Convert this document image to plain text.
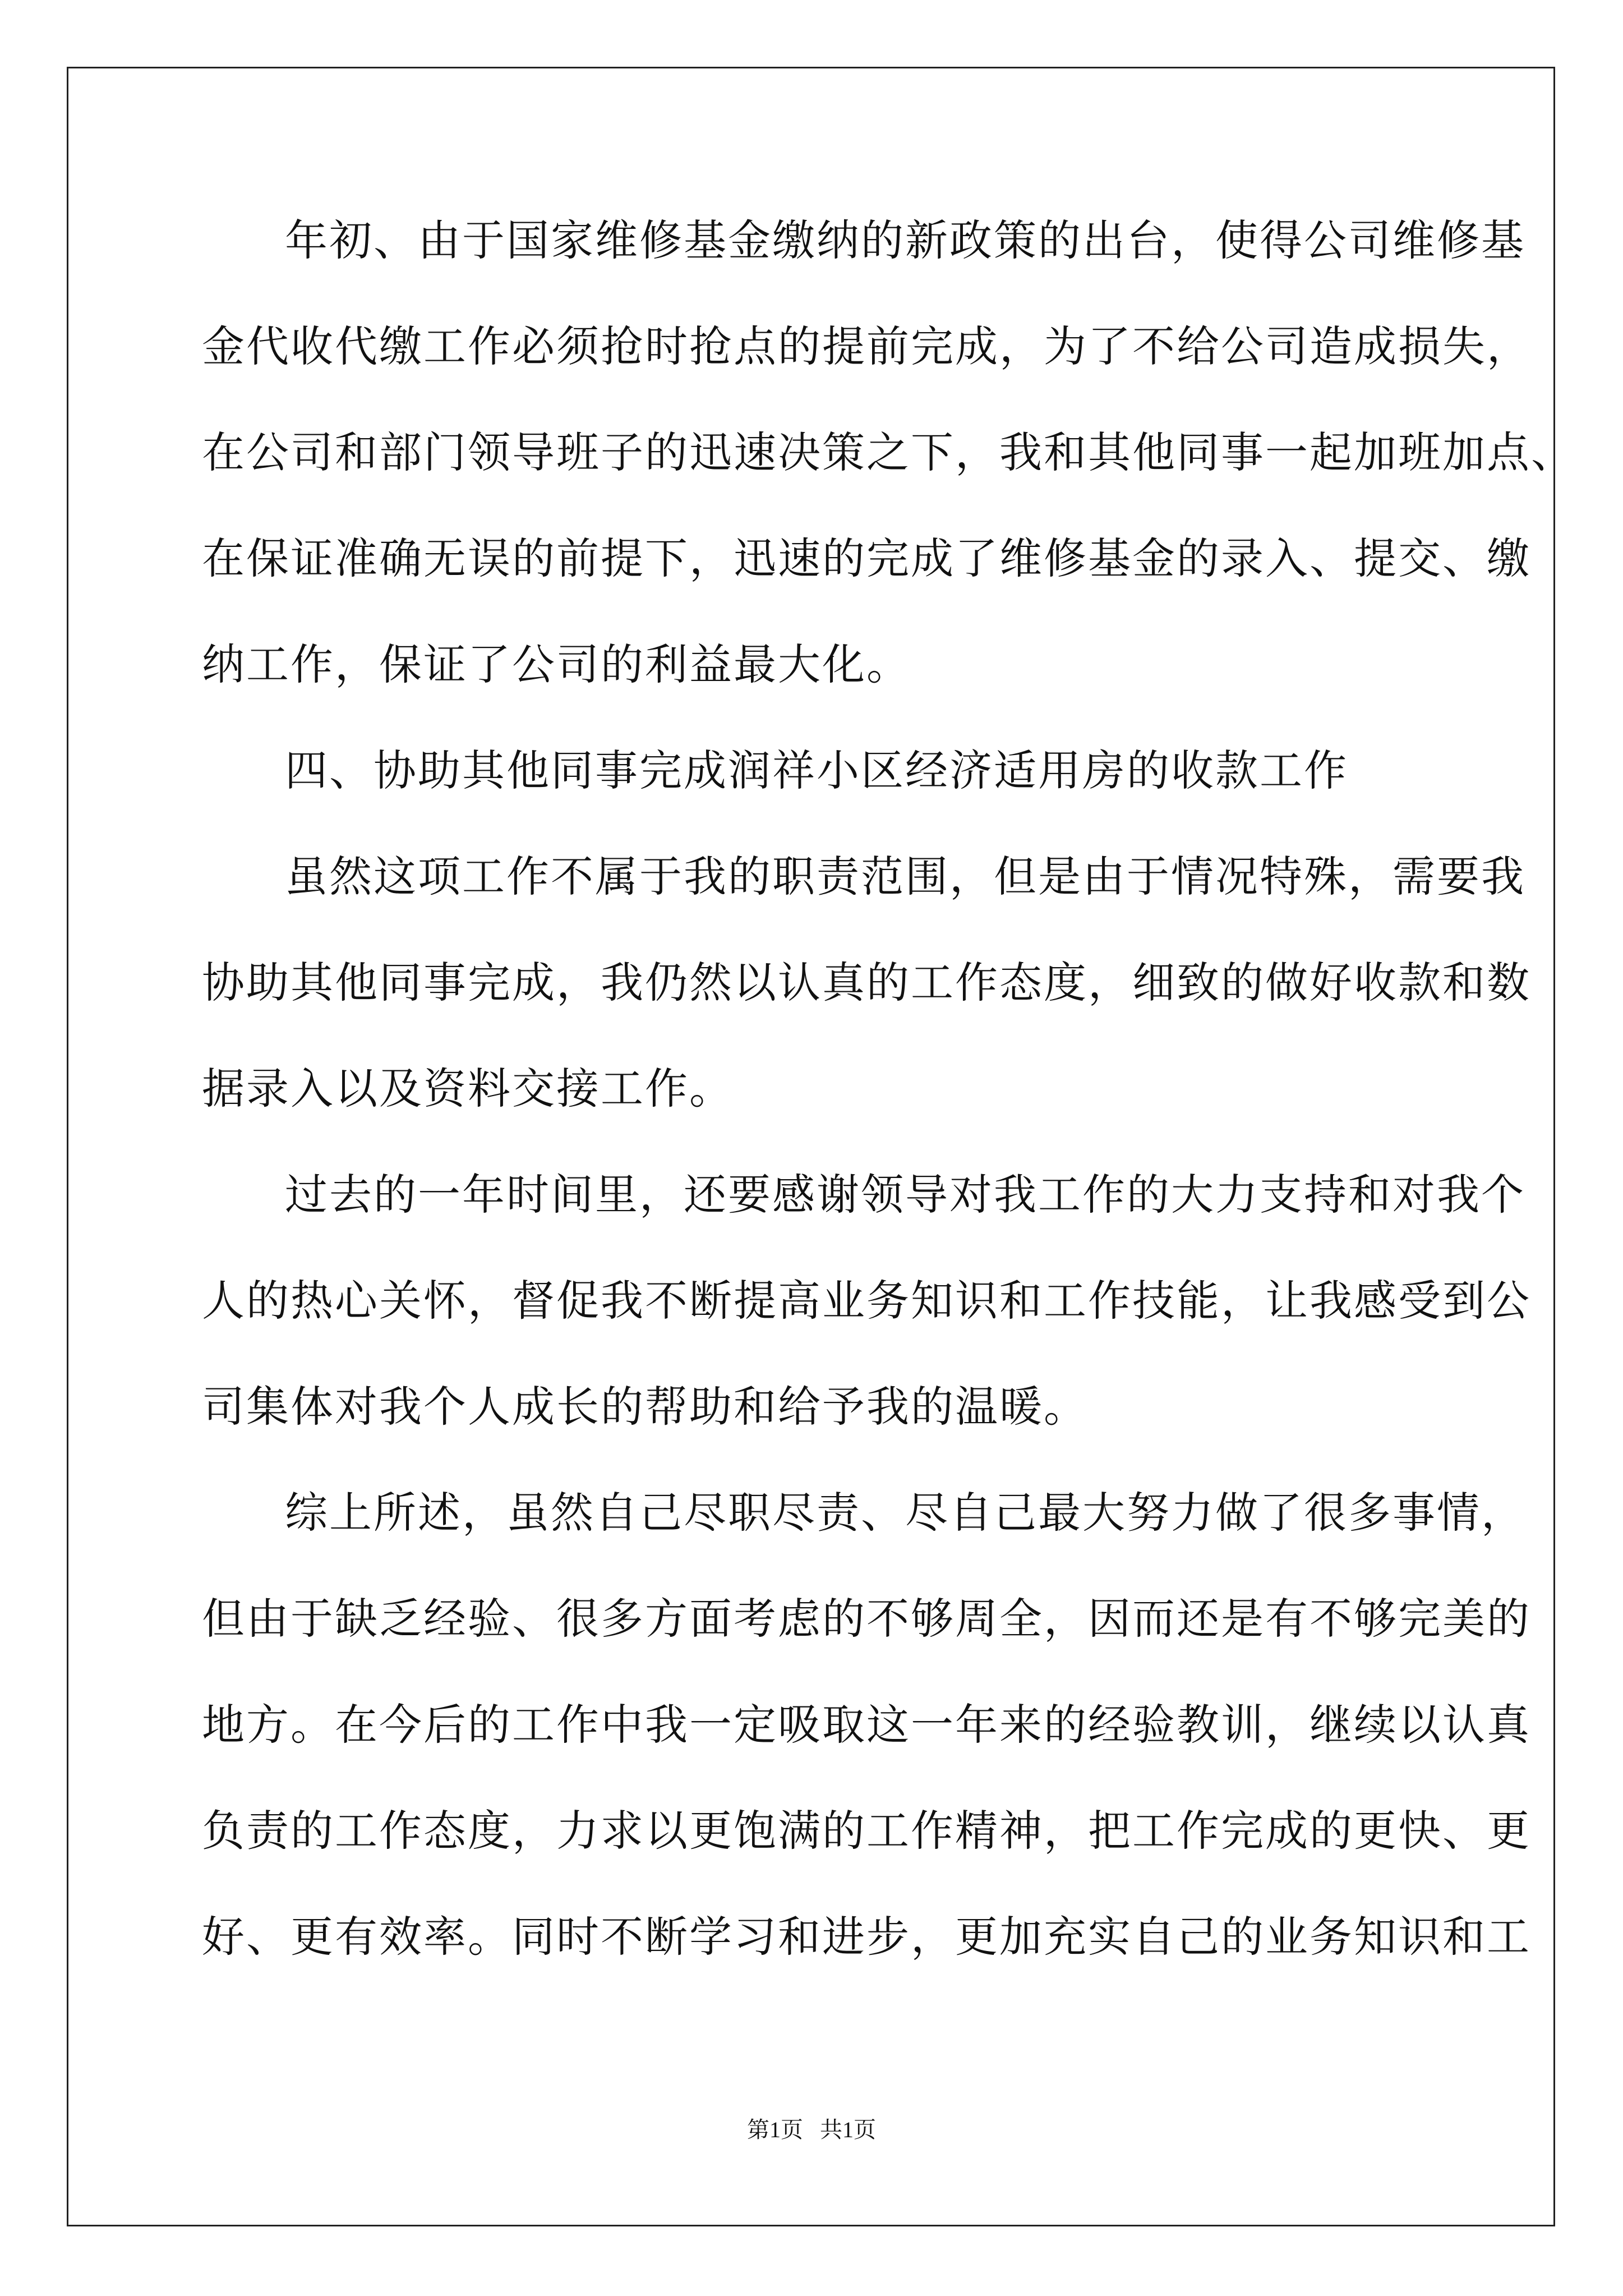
年初、由于国家维修基金缴纳的新政策的出台，使得公司维修基
金代收代缴工作必须抢时抢点的提前完成，为了不给公司造成损失，
在公司和部门领导班子的迅速决策之下，我和其他同事一起加班加点、
在保证准确无误的前提下，迅速的完成了维修基金的录入、提交、缴
纳工作，保证了公司的利益最大化。
四、协助其他同事完成润祥小区经济适用房的收款工作
虽然这项工作不属于我的职责范围，但是由于情况特殊，需要我
协助其他同事完成，我仍然以认真的工作态度，细致的做好收款和数
据录入以及资料交接工作。
过去的一年时间里，还要感谢领导对我工作的大力支持和对我个
人的热心关怀，督促我不断提高业务知识和工作技能，让我感受到公
司集体对我个人成长的帮助和给予我的温暖。
综上所述，虽然自己尽职尽责、尽自己最大努力做了很多事情，
但由于缺乏经验、很多方面考虑的不够周全，因而还是有不够完美的
地方。在今后的工作中我一定吸取这一年来的经验教训，继续以认真
负责的工作态度，力求以更饱满的工作精神，把工作完成的更快、更
好、更有效率。同时不断学习和进步，更加充实自己的业务知识和工
第1页   共1页
